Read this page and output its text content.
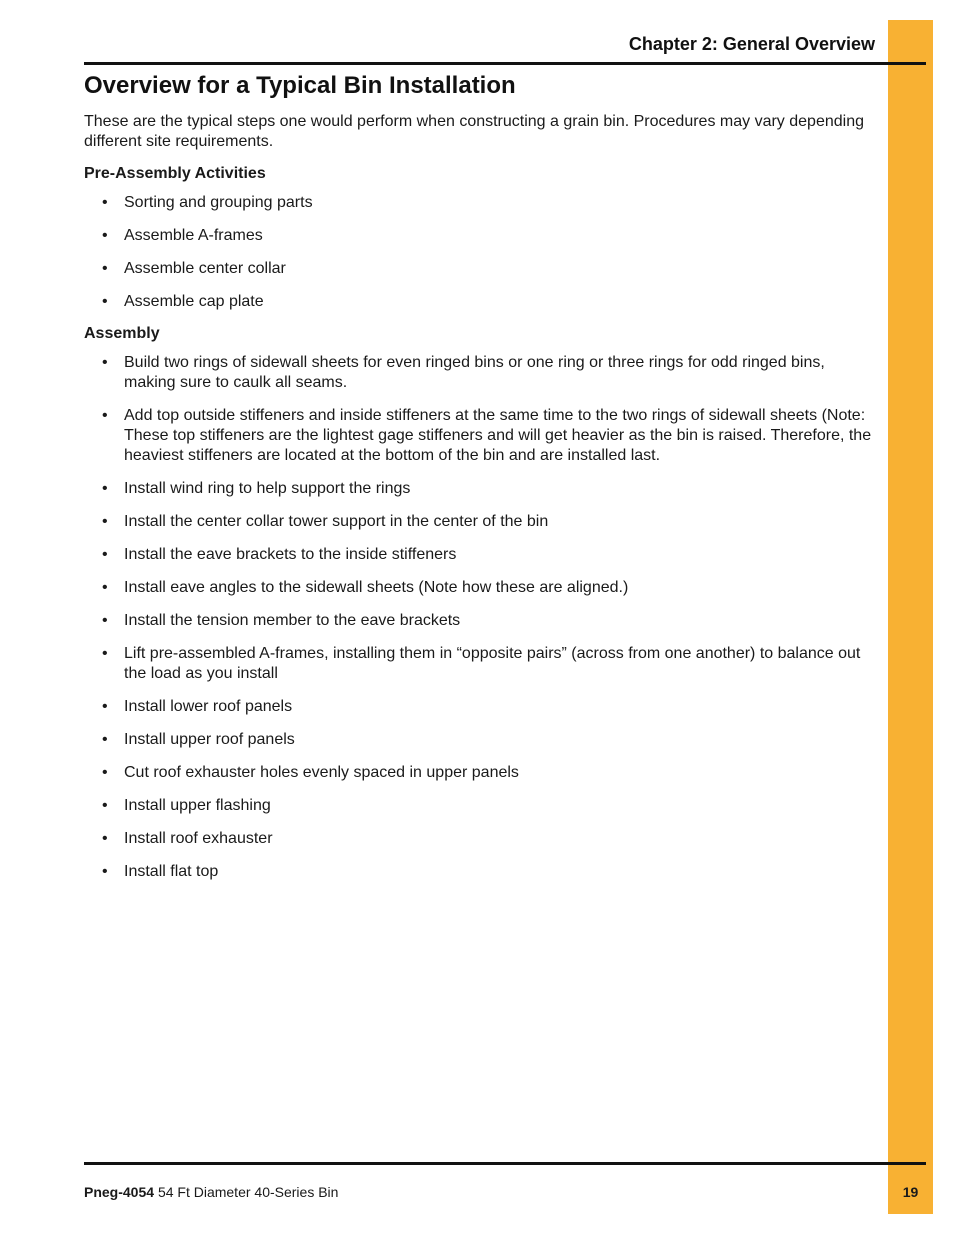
Chapter 2: General Overview
Overview for a Typical Bin Installation

These are the typical steps one would perform when constructing a grain bin. Procedures may vary depending different site requirements.

Pre-Assembly Activities
• Sorting and grouping parts
• Assemble A-frames
• Assemble center collar
• Assemble cap plate
Assembly
• Build two rings of sidewall sheets for even ringed bins or one ring or three rings for odd ringed bins, making sure to caulk all seams.
• Add top outside stiffeners and inside stiffeners at the same time to the two rings of sidewall sheets (Note: These top stiffeners are the lightest gage stiffeners and will get heavier as the bin is raised. Therefore, the heaviest stiffeners are located at the bottom of the bin and are installed last.
• Install wind ring to help support the rings
• Install the center collar tower support in the center of the bin
• Install the eave brackets to the inside stiffeners
• Install eave angles to the sidewall sheets (Note how these are aligned.)
• Install the tension member to the eave brackets
• Lift pre-assembled A-frames, installing them in “opposite pairs” (across from one another) to balance out the load as you install
• Install lower roof panels
• Install upper roof panels
• Cut roof exhauster holes evenly spaced in upper panels
• Install upper flashing
• Install roof exhauster
• Install flat top
Pneg-4054 54 Ft Diameter 40-Series Bin	19
